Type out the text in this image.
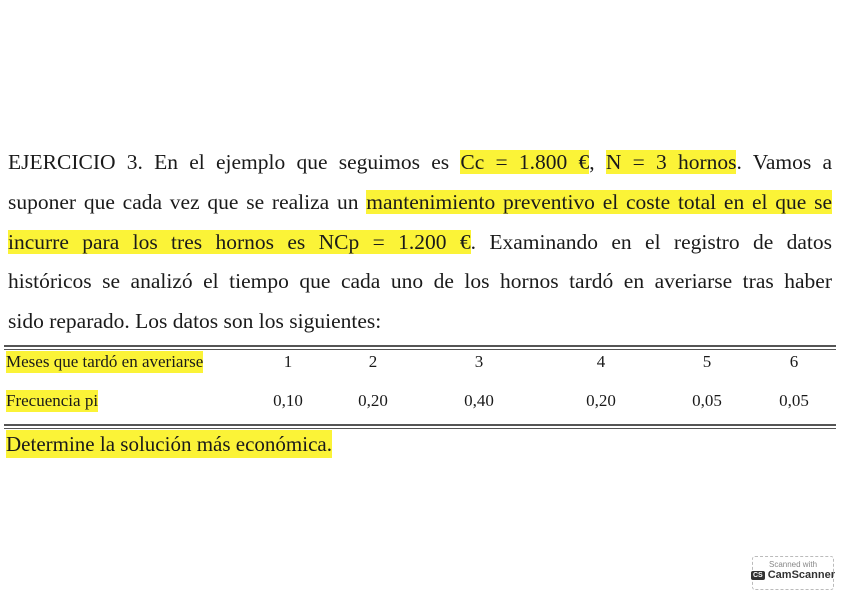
EJERCICIO 3. En el ejemplo que seguimos es Cc = 1.800 €, N = 3 hornos. Vamos a
suponer que cada vez que se realiza un mantenimiento preventivo el coste total en el que se
incurre para los tres hornos es NCp = 1.200 €. Examinando en el registro de datos
históricos se analizó el tiempo que cada uno de los hornos tardó en averiarse tras haber
sido reparado. Los datos son los siguientes:
Meses que tardó en averiarse	1	2	3	4	5	6
Frecuencia pi	0,10	0,20	0,40	0,20	0,05	0,05
Determine la solución más económica.
Scanned with
CS CamScanner
